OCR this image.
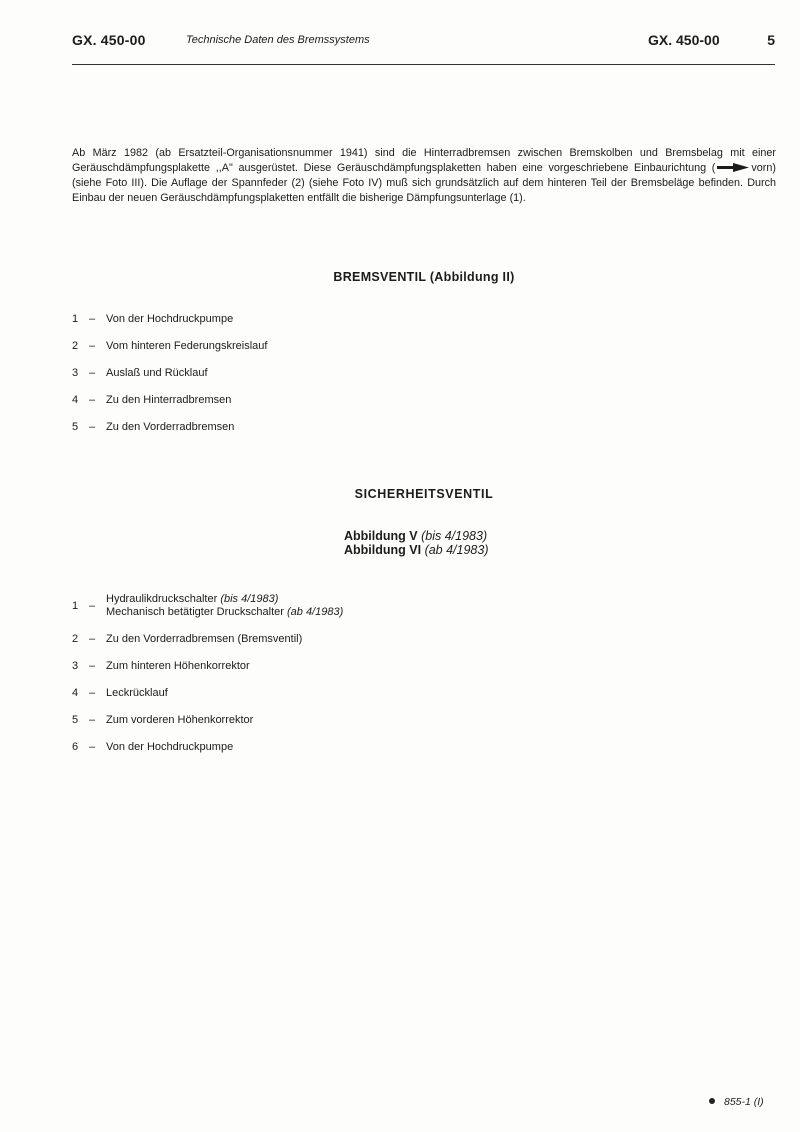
GX. 450-00	Technische Daten des Bremssystems	GX. 450-00	5

Ab März 1982 (ab Ersatzteil-Organisationsnummer 1941) sind die Hinterradbremsen zwischen Bremskolben und Bremsbelag mit einer Geräuschdämpfungsplakette ,,A" ausgerüstet. Diese Geräuschdämpfungsplaketten haben eine vorgeschriebene Einbaurichtung (	vorn) (siehe Foto III). Die Auflage der Spannfeder (2) (siehe Foto IV) muß sich grundsätzlich auf dem hinteren Teil der Bremsbeläge befinden. Durch Einbau der neuen Geräuschdämpfungsplaketten entfällt die bisherige Dämpfungsunterlage (1).

BREMSVENTIL (Abbildung II)
1 – Von der Hochdruckpumpe
2 – Vom hinteren Federungskreislauf
3 – Auslaß und Rücklauf
4 – Zu den Hinterradbremsen
5 – Zu den Vorderradbremsen
SICHERHEITSVENTIL
Abbildung V (bis 4/1983)
Abbildung VI (ab 4/1983)
1 –
Hydraulikdruckschalter (bis 4/1983)
Mechanisch betätigter Druckschalter (ab 4/1983)
2 – Zu den Vorderradbremsen (Bremsventil)
3 – Zum hinteren Höhenkorrektor
4 – Leckrücklauf
5 – Zum vorderen Höhenkorrektor
6 – Von der Hochdruckpumpe
855-1 (I)
